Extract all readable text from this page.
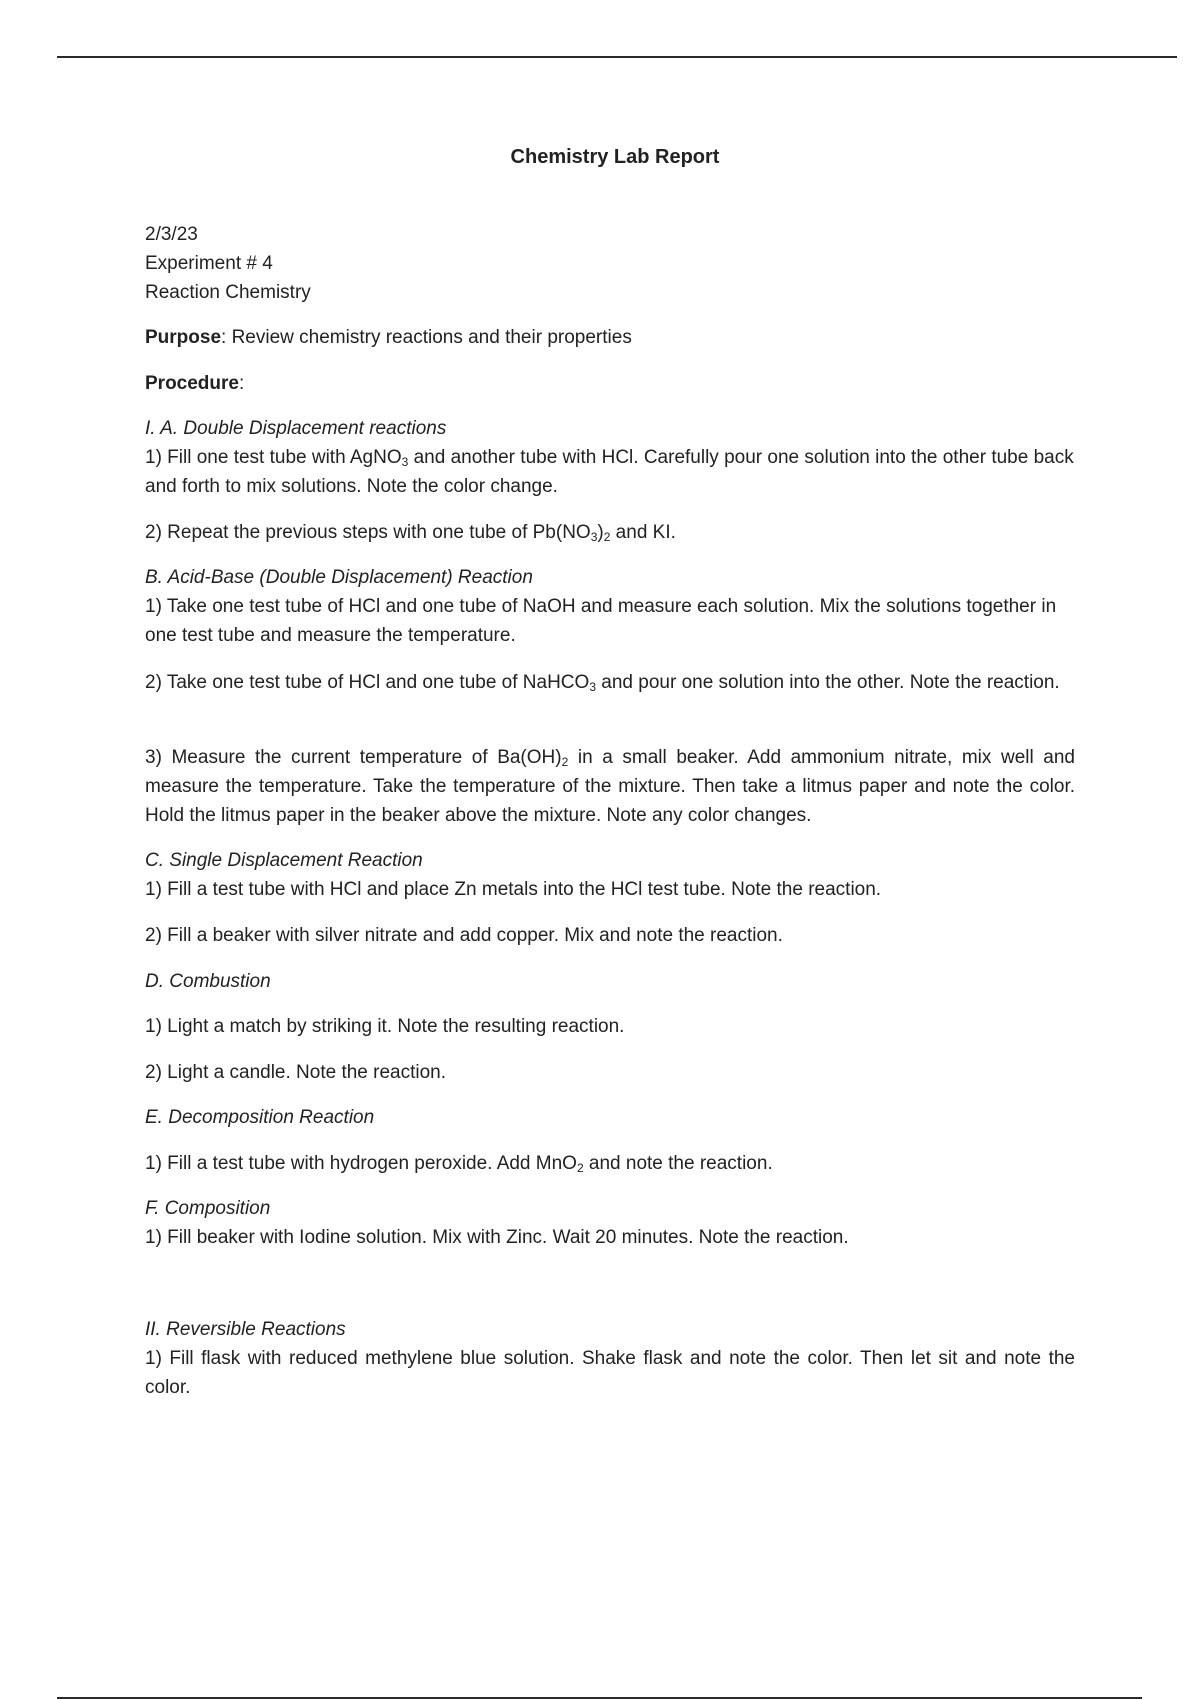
Chemistry Lab Report
2/3/23
Experiment # 4
Reaction Chemistry

Purpose: Review chemistry reactions and their properties

Procedure:

I. A. Double Displacement reactions
1) Fill one test tube with AgNO$_3$ and another tube with HCl. Carefully pour one solution into the other tube back and forth to mix solutions. Note the color change.

2) Repeat the previous steps with one tube of $Pb(NO_3)_2$ and KI.

B. Acid-Base (Double Displacement) Reaction
1) Take one test tube of HCl and one tube of NaOH and measure each solution. Mix the solutions together in one test tube and measure the temperature.

2) Take one test tube of HCl and one tube of NaHCO$_3$ and pour one solution into the other. Note the reaction.

3) Measure the current temperature of $Ba(OH)_2$ in a small beaker. Add ammonium nitrate, mix well and measure the temperature. Take the temperature of the mixture. Then take a litmus paper and note the color. Hold the litmus paper in the beaker above the mixture. Note any color changes.

C. Single Displacement Reaction
1) Fill a test tube with HCl and place Zn metals into the HCl test tube. Note the reaction.

2) Fill a beaker with silver nitrate and add copper. Mix and note the reaction.

D. Combustion

1) Light a match by striking it. Note the resulting reaction.

2) Light a candle. Note the reaction.

E. Decomposition Reaction

1) Fill a test tube with hydrogen peroxide. Add MnO$_2$ and note the reaction.

F. Composition
1) Fill beaker with Iodine solution. Mix with Zinc. Wait 20 minutes. Note the reaction.
II. Reversible Reactions
1) Fill flask with reduced methylene blue solution. Shake flask and note the color. Then let sit and note the color.
